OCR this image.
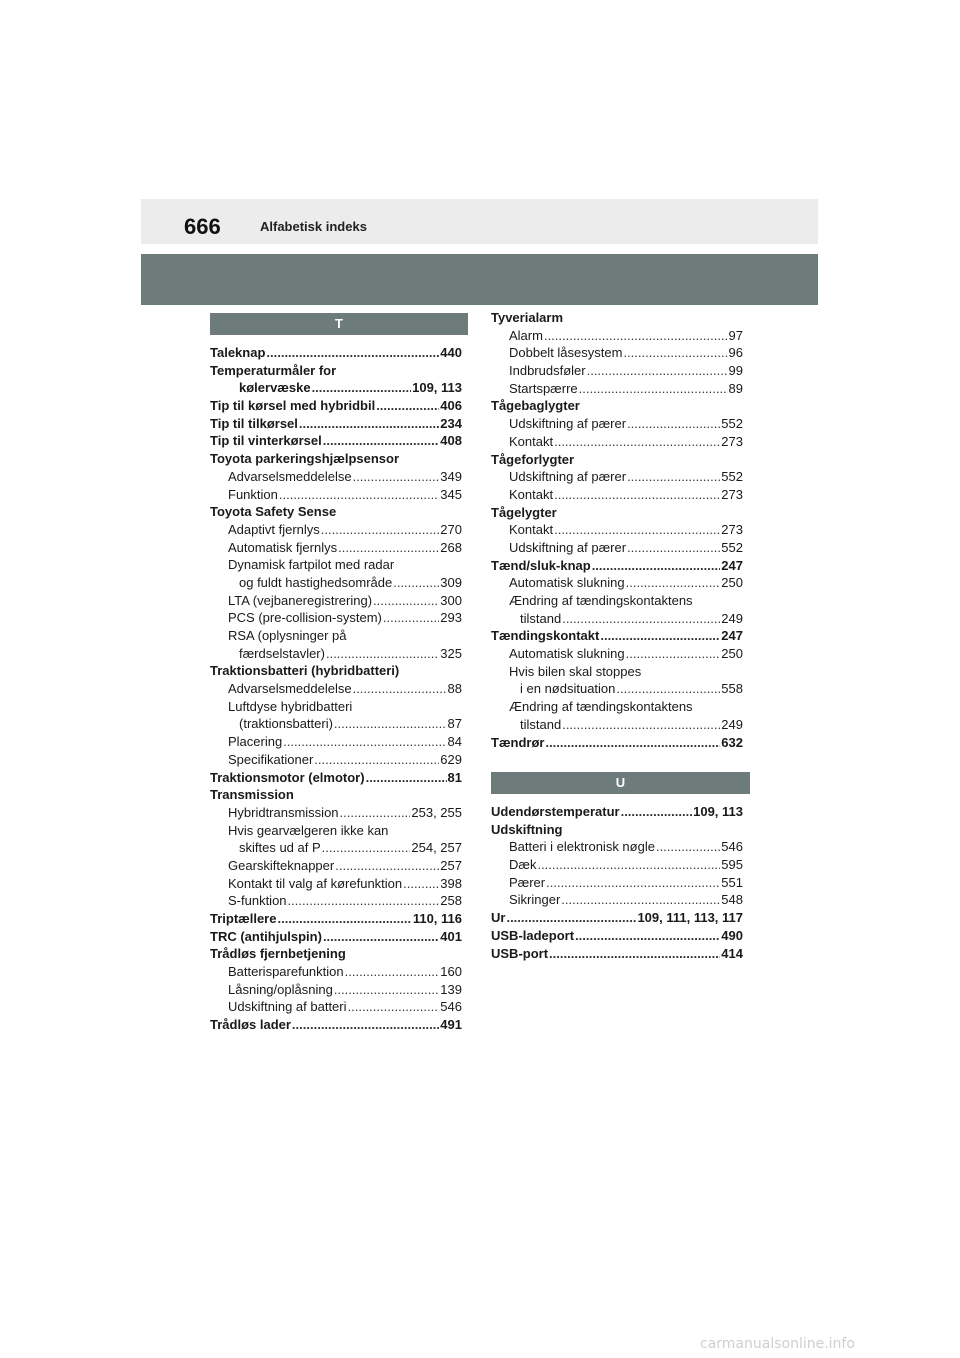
666	Alfabetisk indeks
T
Taleknap .....	440
Temperaturmåler for
kølervæske .....	109, 113
Tip til kørsel med hybridbil .....	406
Tip til tilkørsel .....	234
Tip til vinterkørsel .....	408
Toyota parkeringshjælpsensor
Advarselsmeddelelse .....	349
Funktion .....	345
Toyota Safety Sense
Adaptivt fjernlys .....	270
Automatisk fjernlys .....	268
Dynamisk fartpilot med radar
og fuldt hastighedsområde .....	309
LTA (vejbaneregistrering) .....	300
PCS (pre-collision-system) .....	293
RSA (oplysninger på
færdselstavler) .....	325
Traktionsbatteri (hybridbatteri)
Advarselsmeddelelse .....	88
Luftdyse hybridbatteri
(traktionsbatteri) .....	87
Placering .....	84
Specifikationer .....	629
Traktionsmotor (elmotor) .....	81
Transmission
Hybridtransmission .....	253, 255
Hvis gearvælgeren ikke kan
skiftes ud af P .....	254, 257
Gearskifteknapper .....	257
Kontakt til valg af kørefunktion .....	398
S-funktion .....	258
Triptællere .....	110, 116
TRC (antihjulspin) .....	401
Trådløs fjernbetjening
Batterisparefunktion .....	160
Låsning/oplåsning .....	139
Udskiftning af batteri .....	546
Trådløs lader .....	491
Tyverialarm
Alarm .....	97
Dobbelt låsesystem .....	96
Indbrudsføler .....	99
Startspærre .....	89
Tågebaglygter
Udskiftning af pærer .....	552
Kontakt .....	273
Tågeforlygter
Udskiftning af pærer .....	552
Kontakt .....	273
Tågelygter
Kontakt .....	273
Udskiftning af pærer .....	552
Tænd/sluk-knap .....	247
Automatisk slukning .....	250
Ændring af tændingskontaktens
tilstand .....	249
Tændingskontakt .....	247
Automatisk slukning .....	250
Hvis bilen skal stoppes
i en nødsituation .....	558
Ændring af tændingskontaktens
tilstand .....	249
Tændrør .....	632
U
Udendørstemperatur .....	109, 113
Udskiftning
Batteri i elektronisk nøgle .....	546
Dæk .....	595
Pærer .....	551
Sikringer .....	548
Ur .....	109, 111, 113, 117
USB-ladeport .....	490
USB-port .....	414
carmanualsonline.info
